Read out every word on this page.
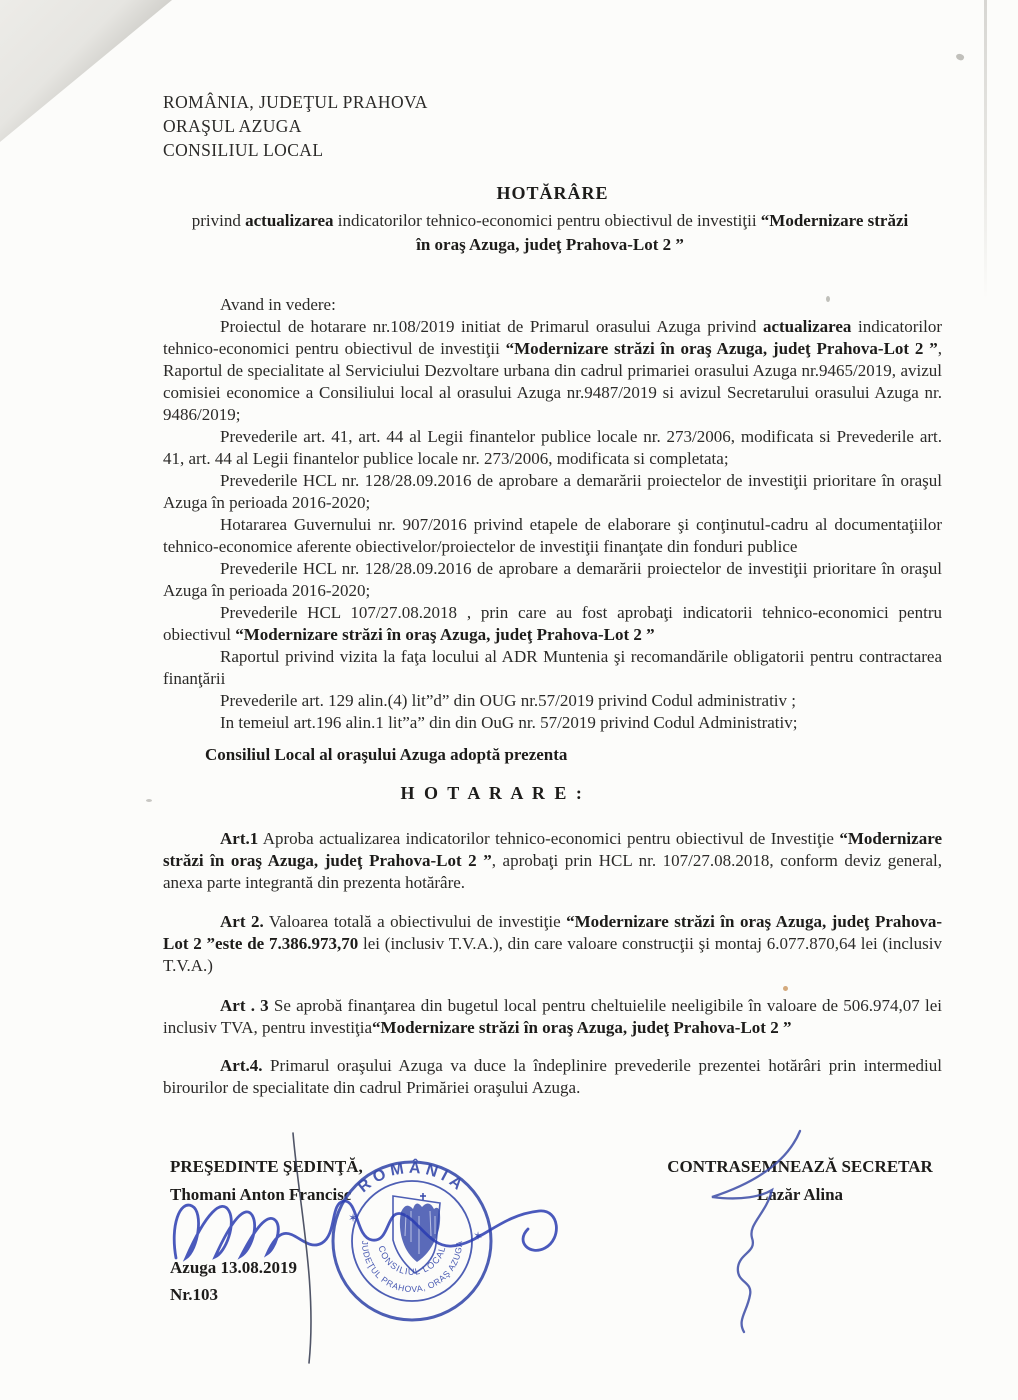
ROMÂNIA, JUDEŢUL PRAHOVA
ORAŞUL AZUGA
CONSILIUL LOCAL
HOTĂRÂRE
privind actualizarea indicatorilor tehnico-economici pentru obiectivul de investiţii “Modernizare străzi
în oraş Azuga, judeţ Prahova-Lot 2 ”

Avand in vedere:

Proiectul de hotarare nr.108/2019 initiat de Primarul orasului Azuga privind actualizarea indicatorilor tehnico-economici pentru obiectivul de investiţii “Modernizare străzi în oraş Azuga, judeţ Prahova-Lot 2 ”, Raportul de specialitate al Serviciului Dezvoltare urbana din cadrul primariei orasului Azuga nr.9465/2019, avizul comisiei economice a Consiliului local al orasului Azuga nr.9487/2019 si avizul Secretarului orasului Azuga nr. 9486/2019;

Prevederile art. 41, art. 44 al Legii finantelor publice locale nr. 273/2006, modificata si Prevederile art. 41, art. 44 al Legii finantelor publice locale nr. 273/2006, modificata si completata;

Prevederile HCL nr. 128/28.09.2016 de aprobare a demarării proiectelor de investiţii prioritare în oraşul Azuga în perioada 2016-2020;

Hotararea Guvernului nr. 907/2016 privind etapele de elaborare şi conţinutul-cadru al documentaţiilor tehnico-economice aferente obiectivelor/proiectelor de investiţii finanţate din fonduri publice

Prevederile HCL nr. 128/28.09.2016 de aprobare a demarării proiectelor de investiţii prioritare în oraşul Azuga în perioada 2016-2020;

Prevederile HCL 107/27.08.2018 , prin care au fost aprobaţi indicatorii tehnico-economici pentru obiectivul “Modernizare străzi în oraş Azuga, judeţ Prahova-Lot 2 ”

Raportul privind vizita la faţa locului al ADR Muntenia şi recomandările obligatorii pentru contractarea finanţării

Prevederile art. 129 alin.(4) lit”d” din OUG nr.57/2019 privind Codul administrativ ;

In temeiul art.196 alin.1 lit”a” din din OuG nr. 57/2019 privind Codul Administrativ;

Consiliul Local al oraşului Azuga adoptă prezenta

H O T A R A R E :

Art.1 Aproba actualizarea indicatorilor tehnico-economici pentru obiectivul de Investiţie “Modernizare străzi în oraş Azuga, judeţ Prahova-Lot 2 ”, aprobaţi prin HCL nr. 107/27.08.2018, conform deviz general, anexa parte integrantă din prezenta hotărâre.

Art 2. Valoarea totală a obiectivului de investiţie “Modernizare străzi în oraş Azuga, judeţ Prahova-Lot 2 ”este de 7.386.973,70 lei (inclusiv T.V.A.), din care valoare construcţii şi montaj 6.077.870,64 lei (inclusiv T.V.A.)

Art . 3 Se aprobă finanţarea din bugetul local pentru cheltuielile neeligibile în valoare de 506.974,07 lei inclusiv TVA, pentru investiţia“Modernizare străzi în oraş Azuga, judeţ Prahova-Lot 2 ”

Art.4. Primarul oraşului Azuga va duce la îndeplinire prevederile prezentei hotărâri prin intermediul birourilor de specialitate din cadrul Primăriei oraşului Azuga.

PREŞEDINTE ŞEDINŢĂ,
Thomani Anton Francisc
Azuga 13.08.2019
Nr.103
CONTRASEMNEAZĂ SECRETAR
Lazăr Alina
ROMÂNIA
✶
✶
JUDEŢUL PRAHOVA, ORAŞ AZUGA
CONSILIUL LOCAL
